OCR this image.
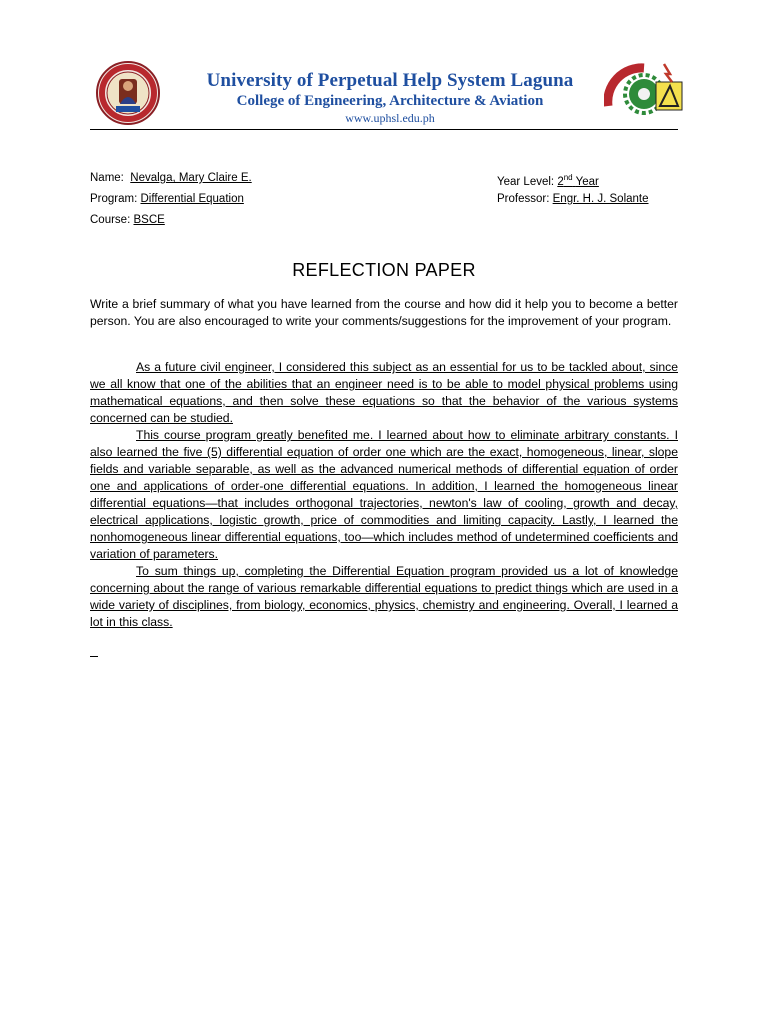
University of Perpetual Help System Laguna
College of Engineering, Architecture & Aviation
www.uphsl.edu.ph
Name: Nevalga, Mary Claire E.
Program: Differential Equation
Course: BSCE
Year Level: 2nd Year
Professor: Engr. H. J. Solante
REFLECTION PAPER
Write a brief summary of what you have learned from the course and how did it help you to become a better person. You are also encouraged to write your comments/suggestions for the improvement of your program.

As a future civil engineer, I considered this subject as an essential for us to be tackled about, since we all know that one of the abilities that an engineer need is to be able to model physical problems using mathematical equations, and then solve these equations so that the behavior of the various systems concerned can be studied.

This course program greatly benefited me. I learned about how to eliminate arbitrary constants. I also learned the five (5) differential equation of order one which are the exact, homogeneous, linear, slope fields and variable separable, as well as the advanced numerical methods of differential equation of order one and applications of order-one differential equations. In addition, I learned the homogeneous linear differential equations—that includes orthogonal trajectories, newton's law of cooling, growth and decay, electrical applications, logistic growth, price of commodities and limiting capacity. Lastly, I learned the nonhomogeneous linear differential equations, too—which includes method of undetermined coefficients and variation of parameters.

To sum things up, completing the Differential Equation program provided us a lot of knowledge concerning about the range of various remarkable differential equations to predict things which are used in a wide variety of disciplines, from biology, economics, physics, chemistry and engineering. Overall, I learned a lot in this class.
